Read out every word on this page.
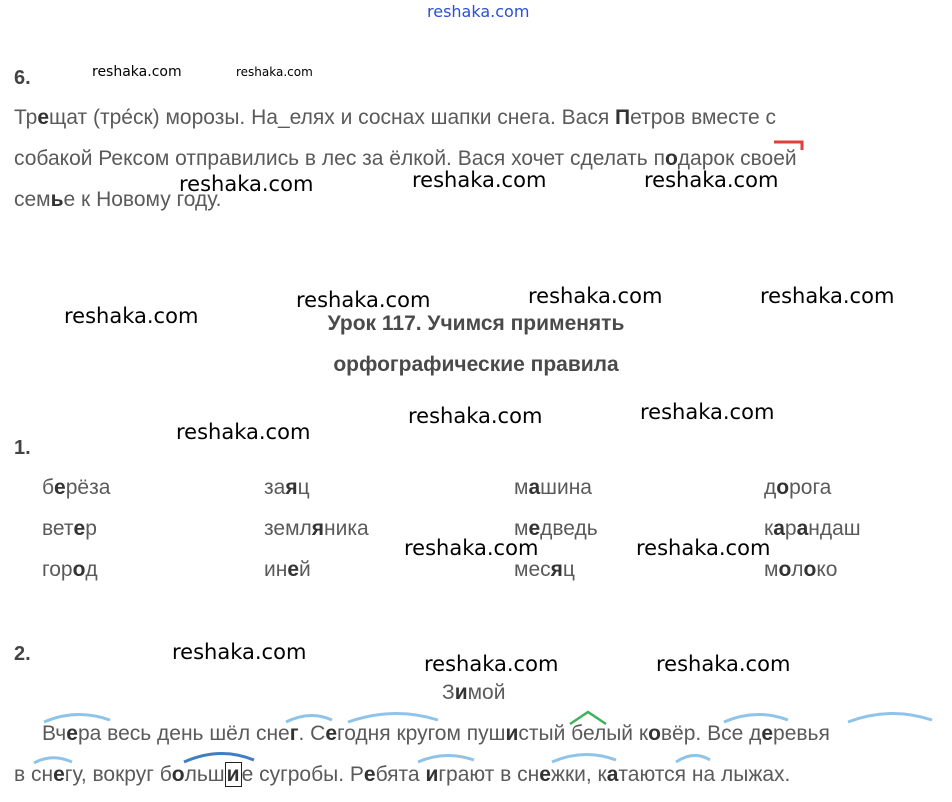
reshaka.com
reshaka.com	reshaka.com
reshaka.com	reshaka.com	reshaka.com
reshaka.com	reshaka.com	reshaka.com
reshaka.com
reshaka.com	reshaka.com
reshaka.com
reshaka.com	reshaka.com
reshaka.com	reshaka.com	reshaka.com
6.
Трещат (тре́ск) морозы. На_елях и соснах шапки снега. Вася Петров вместе с
собакой Рексом отправились в лес за ёлкой. Вася хочет сделать подарок своей
семье к Новому году.
Урок 117. Учимся применять
орфографические правила
1.
берёза	заяц	машина	дорога
ветер	земляника	медведь	карандаш
город	иней	месяц	молоко
2.
Зимой
Вчера весь день шёл снег. Сегодня кругом пушистый белый ковёр. Все деревья
в снегу, вокруг большие сугробы. Ребята играют в снежки, катаются на лыжах.
